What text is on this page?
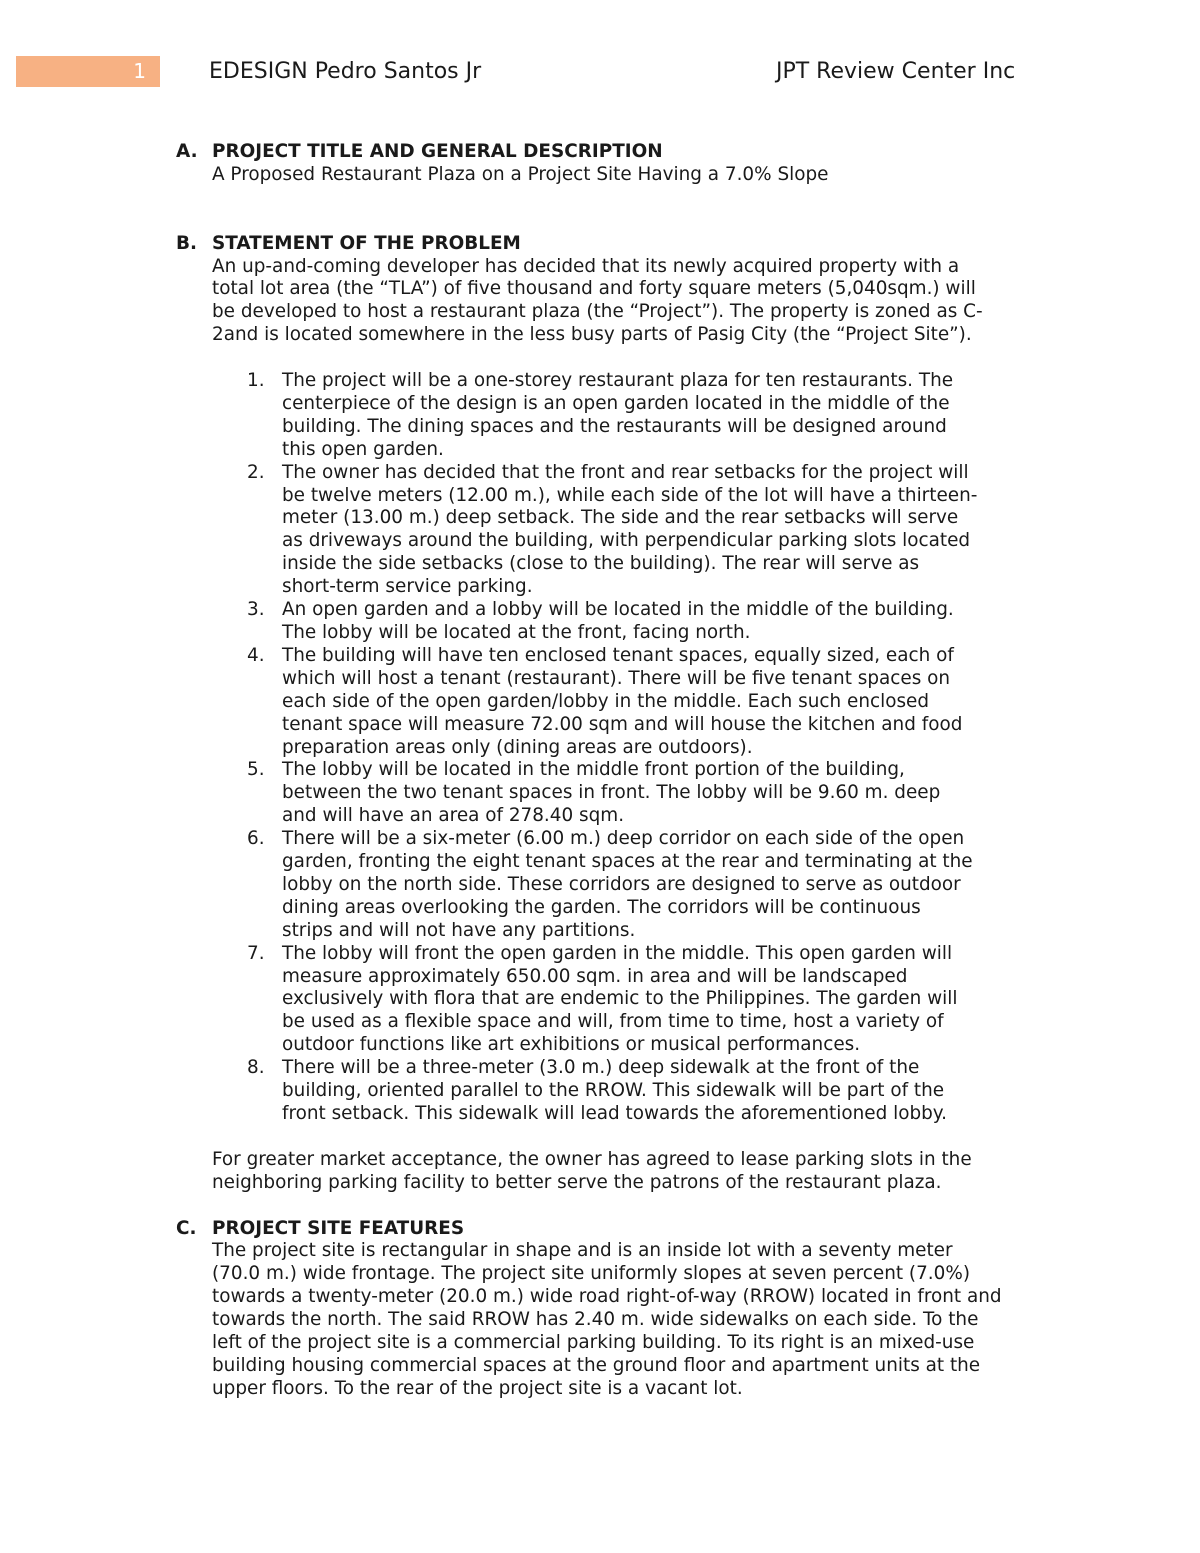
1	EDESIGN Pedro Santos Jr	JPT Review Center Inc
A. PROJECT TITLE AND GENERAL DESCRIPTION
A Proposed Restaurant Plaza on a Project Site Having a 7.0% Slope
B. STATEMENT OF THE PROBLEM
An up-and-coming developer has decided that its newly acquired property with a
total lot area (the “TLA”) of five thousand and forty square meters (5,040sqm.) will
be developed to host a restaurant plaza (the “Project”). The property is zoned as C-
2and is located somewhere in the less busy parts of Pasig City (the “Project Site”).
1. The project will be a one-storey restaurant plaza for ten restaurants. The
centerpiece of the design is an open garden located in the middle of the
building. The dining spaces and the restaurants will be designed around
this open garden.
2. The owner has decided that the front and rear setbacks for the project will
be twelve meters (12.00 m.), while each side of the lot will have a thirteen-
meter (13.00 m.) deep setback. The side and the rear setbacks will serve
as driveways around the building, with perpendicular parking slots located
inside the side setbacks (close to the building). The rear will serve as
short-term service parking.
3. An open garden and a lobby will be located in the middle of the building.
The lobby will be located at the front, facing north.
4. The building will have ten enclosed tenant spaces, equally sized, each of
which will host a tenant (restaurant). There will be five tenant spaces on
each side of the open garden/lobby in the middle. Each such enclosed
tenant space will measure 72.00 sqm and will house the kitchen and food
preparation areas only (dining areas are outdoors).
5. The lobby will be located in the middle front portion of the building,
between the two tenant spaces in front. The lobby will be 9.60 m. deep
and will have an area of 278.40 sqm.
6. There will be a six-meter (6.00 m.) deep corridor on each side of the open
garden, fronting the eight tenant spaces at the rear and terminating at the
lobby on the north side. These corridors are designed to serve as outdoor
dining areas overlooking the garden. The corridors will be continuous
strips and will not have any partitions.
7. The lobby will front the open garden in the middle. This open garden will
measure approximately 650.00 sqm. in area and will be landscaped
exclusively with flora that are endemic to the Philippines. The garden will
be used as a flexible space and will, from time to time, host a variety of
outdoor functions like art exhibitions or musical performances.
8. There will be a three-meter (3.0 m.) deep sidewalk at the front of the
building, oriented parallel to the RROW. This sidewalk will be part of the
front setback. This sidewalk will lead towards the aforementioned lobby.
For greater market acceptance, the owner has agreed to lease parking slots in the
neighboring parking facility to better serve the patrons of the restaurant plaza.
C. PROJECT SITE FEATURES
The project site is rectangular in shape and is an inside lot with a seventy meter
(70.0 m.) wide frontage. The project site uniformly slopes at seven percent (7.0%)
towards a twenty-meter (20.0 m.) wide road right-of-way (RROW) located in front and
towards the north. The said RROW has 2.40 m. wide sidewalks on each side. To the
left of the project site is a commercial parking building. To its right is an mixed-use
building housing commercial spaces at the ground floor and apartment units at the
upper floors. To the rear of the project site is a vacant lot.
